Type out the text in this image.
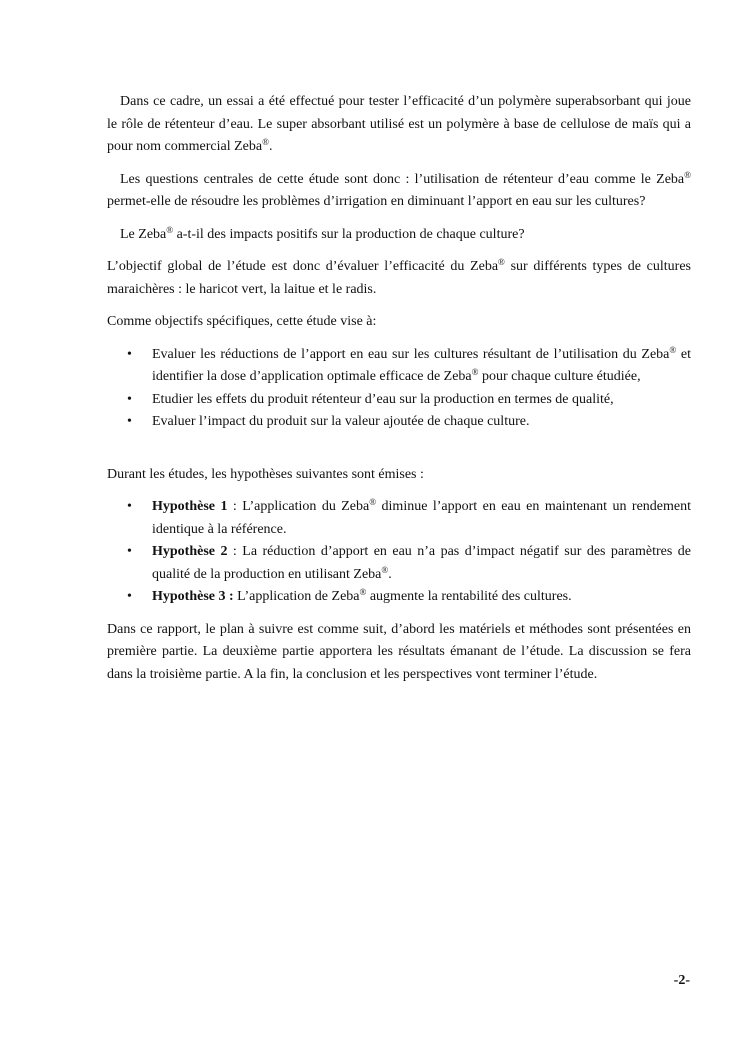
Dans ce cadre, un essai a été effectué pour tester l’efficacité d’un polymère superabsorbant qui joue le rôle de rétenteur d’eau. Le super absorbant utilisé est un polymère à base de cellulose de maïs qui a pour nom commercial Zeba®.

Les questions centrales de cette étude sont donc : l’utilisation de rétenteur d’eau comme le Zeba® permet-elle de résoudre les problèmes d’irrigation en diminuant l’apport en eau sur les cultures?

Le Zeba® a-t-il des impacts positifs sur la production de chaque culture?

L’objectif global de l’étude est donc d’évaluer l’efficacité du Zeba® sur différents types de cultures maraichères : le haricot vert, la laitue et le radis.

Comme objectifs spécifiques, cette étude vise à:

• Evaluer les réductions de l’apport en eau sur les cultures résultant de l’utilisation du Zeba® et identifier la dose d’application optimale efficace de Zeba® pour chaque culture étudiée,
• Etudier les effets du produit rétenteur d’eau sur la production en termes de qualité,
• Evaluer l’impact du produit sur la valeur ajoutée de chaque culture.

Durant les études, les hypothèses suivantes sont émises :

• Hypothèse 1 : L’application du Zeba® diminue l’apport en eau en maintenant un rendement identique à la référence.
• Hypothèse 2 : La réduction d’apport en eau n’a pas d’impact négatif sur des paramètres de qualité de la production en utilisant Zeba®.
• Hypothèse 3 : L’application de Zeba® augmente la rentabilité des cultures.

Dans ce rapport, le plan à suivre est comme suit, d’abord les matériels et méthodes sont présentées en première partie. La deuxième partie apportera les résultats émanant de l’étude. La discussion se fera dans la troisième partie. A la fin, la conclusion et les perspectives vont terminer l’étude.

-2-
